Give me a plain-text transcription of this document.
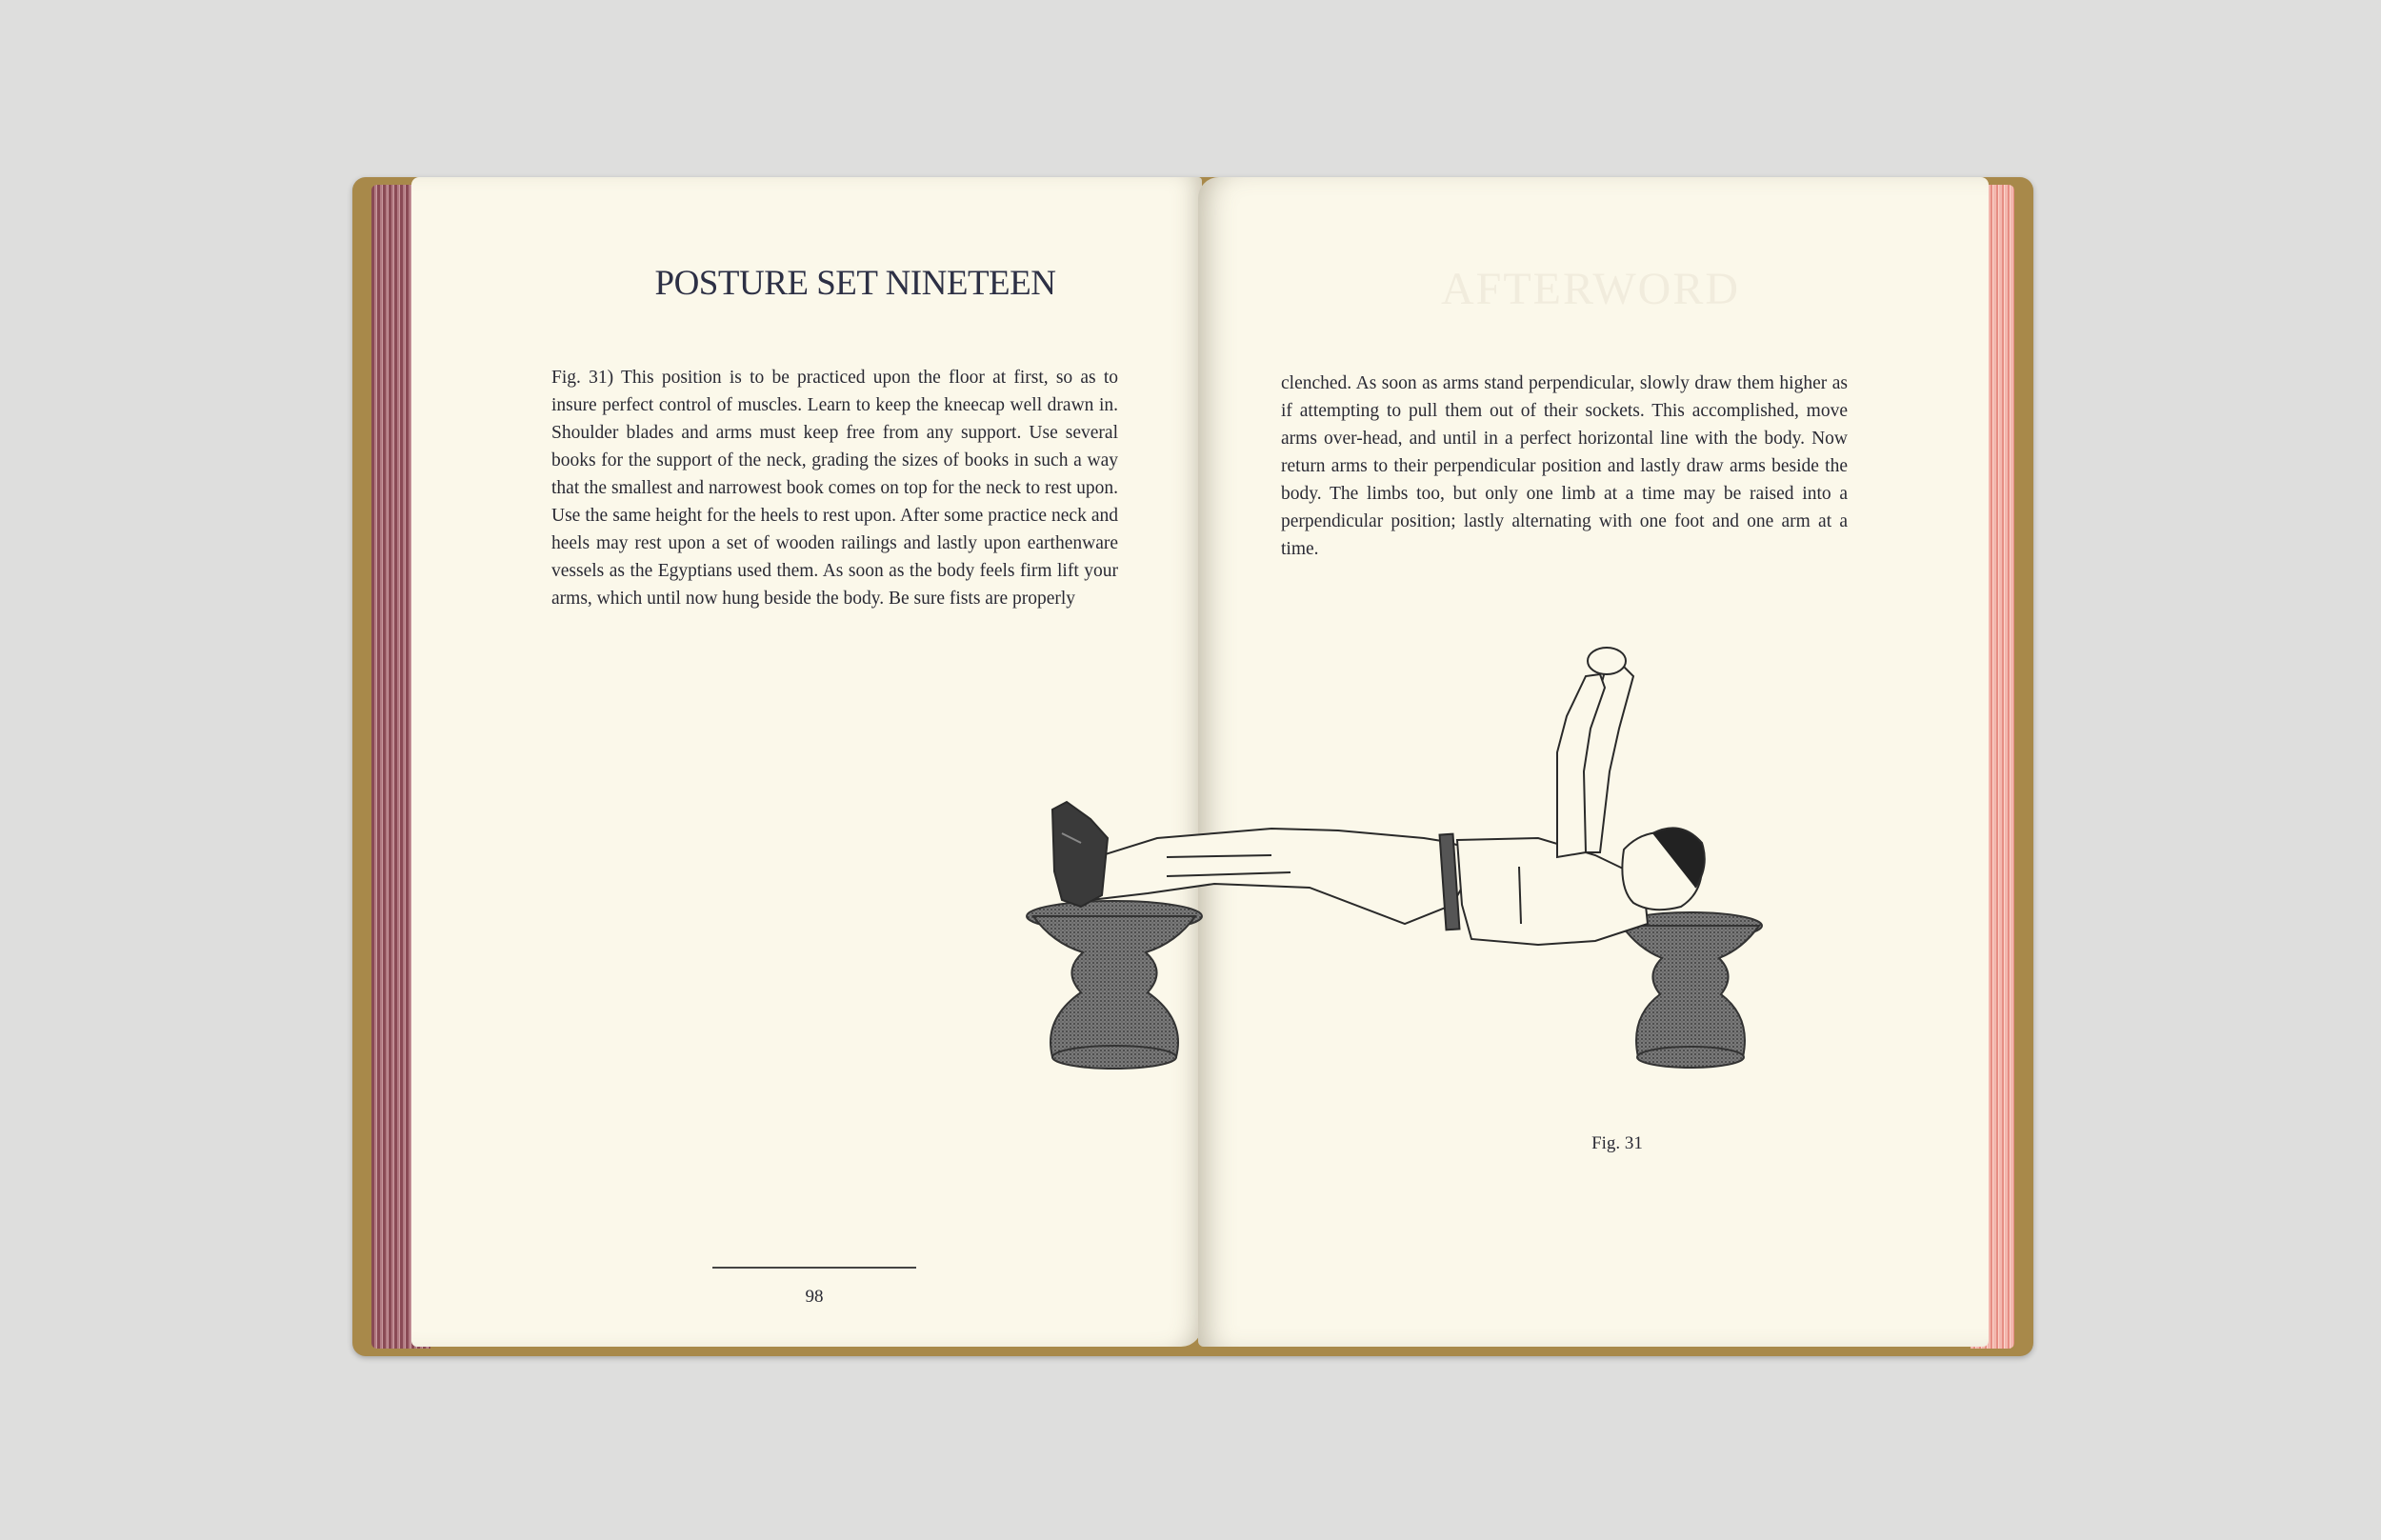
POSTURE SET NINETEEN

Fig. 31) This position is to be practiced upon the floor at first, so as to insure perfect control of muscles. Learn to keep the kneecap well drawn in. Shoulder blades and arms must keep free from any support. Use several books for the support of the neck, grading the sizes of books in such a way that the smallest and narrowest book comes on top for the neck to rest upon. Use the same height for the heels to rest upon. After some practice neck and heels may rest upon a set of wooden railings and lastly upon earthenware vessels as the Egyptians used them. As soon as the body feels firm lift your arms, which until now hung beside the body. Be sure fists are properly

98
AFTERWORD

clenched. As soon as arms stand perpendicular, slowly draw them higher as if attempting to pull them out of their sockets. This accomplished, move arms over-head, and until in a perfect horizontal line with the body. Now return arms to their perpendicular position and lastly draw arms beside the body. The limbs too, but only one limb at a time may be raised into a perpendicular position; lastly alternating with one foot and one arm at a time.

Fig. 31
